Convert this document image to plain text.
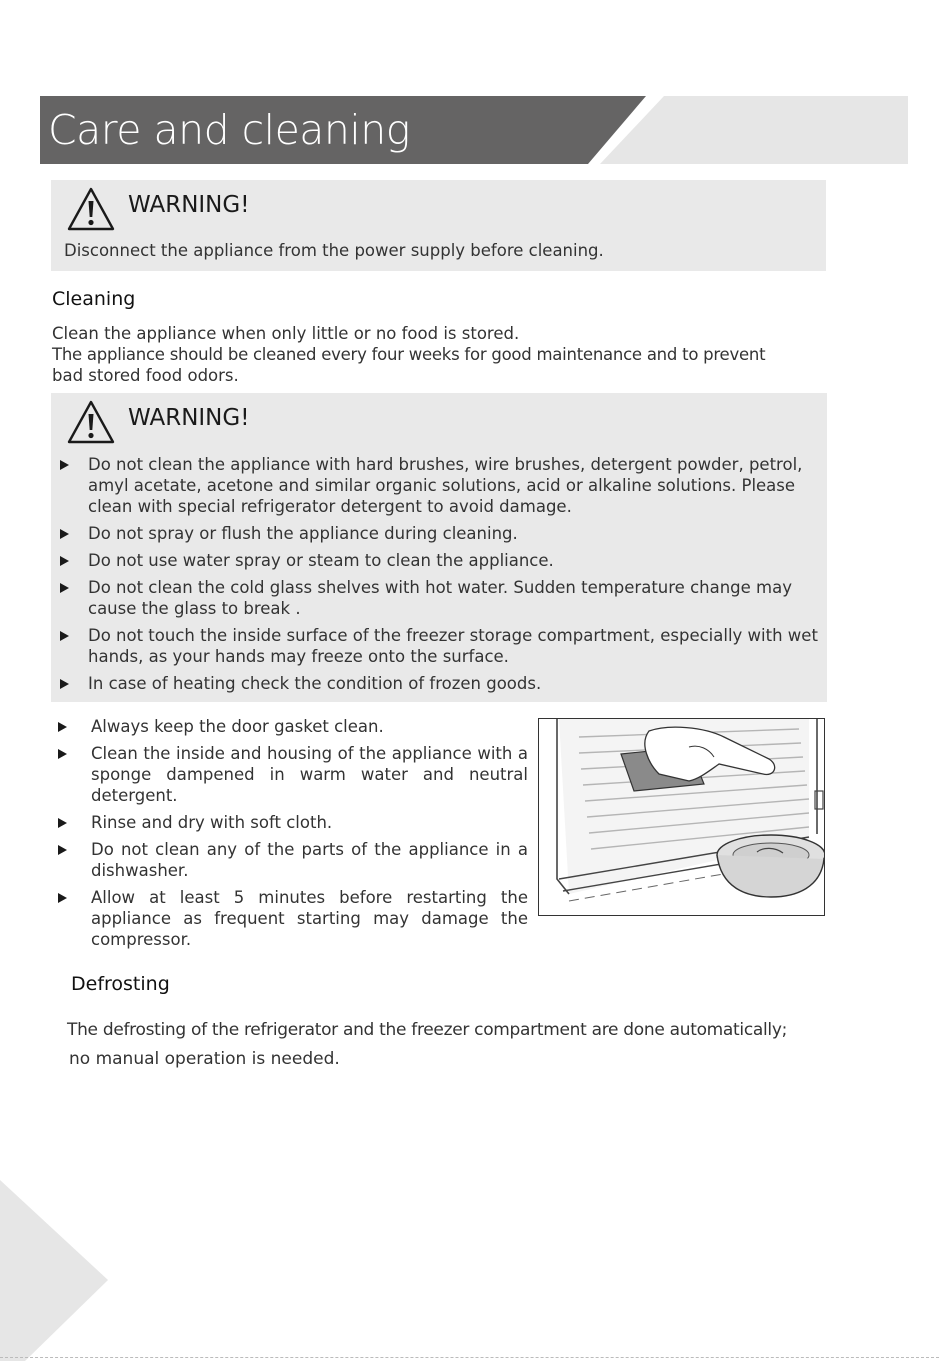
Care and cleaning
WARNING!
Disconnect the appliance from the power supply before cleaning.
Cleaning
Clean the appliance when only little or no food is stored.
The appliance should be cleaned every four weeks for good maintenance and to prevent
bad stored food odors.
WARNING!
Do not clean the appliance with hard brushes, wire brushes, detergent powder, petrol, amyl acetate, acetone and similar organic solutions, acid or alkaline solutions. Please clean with special refrigerator detergent to avoid damage.
Do not spray or flush the appliance during cleaning.
Do not use water spray or steam to clean the appliance.
Do not clean the cold glass shelves with hot water. Sudden temperature change may cause the glass to break .
Do not touch the inside surface of the freezer storage compartment, especially with wet hands, as your hands may freeze onto the surface.
In case of heating check the condition of frozen goods.
Always keep the door gasket clean.
Clean the inside and housing of the appliance with a sponge dampened in warm water and neutral detergent.
Rinse and dry with soft cloth.
Do not clean any of the parts of the appliance in a dishwasher.
Allow at least 5 minutes before restarting the appliance as frequent starting may damage the compressor.
Defrosting
The defrosting of the refrigerator and the freezer compartment are done automatically;
no manual operation is needed.
